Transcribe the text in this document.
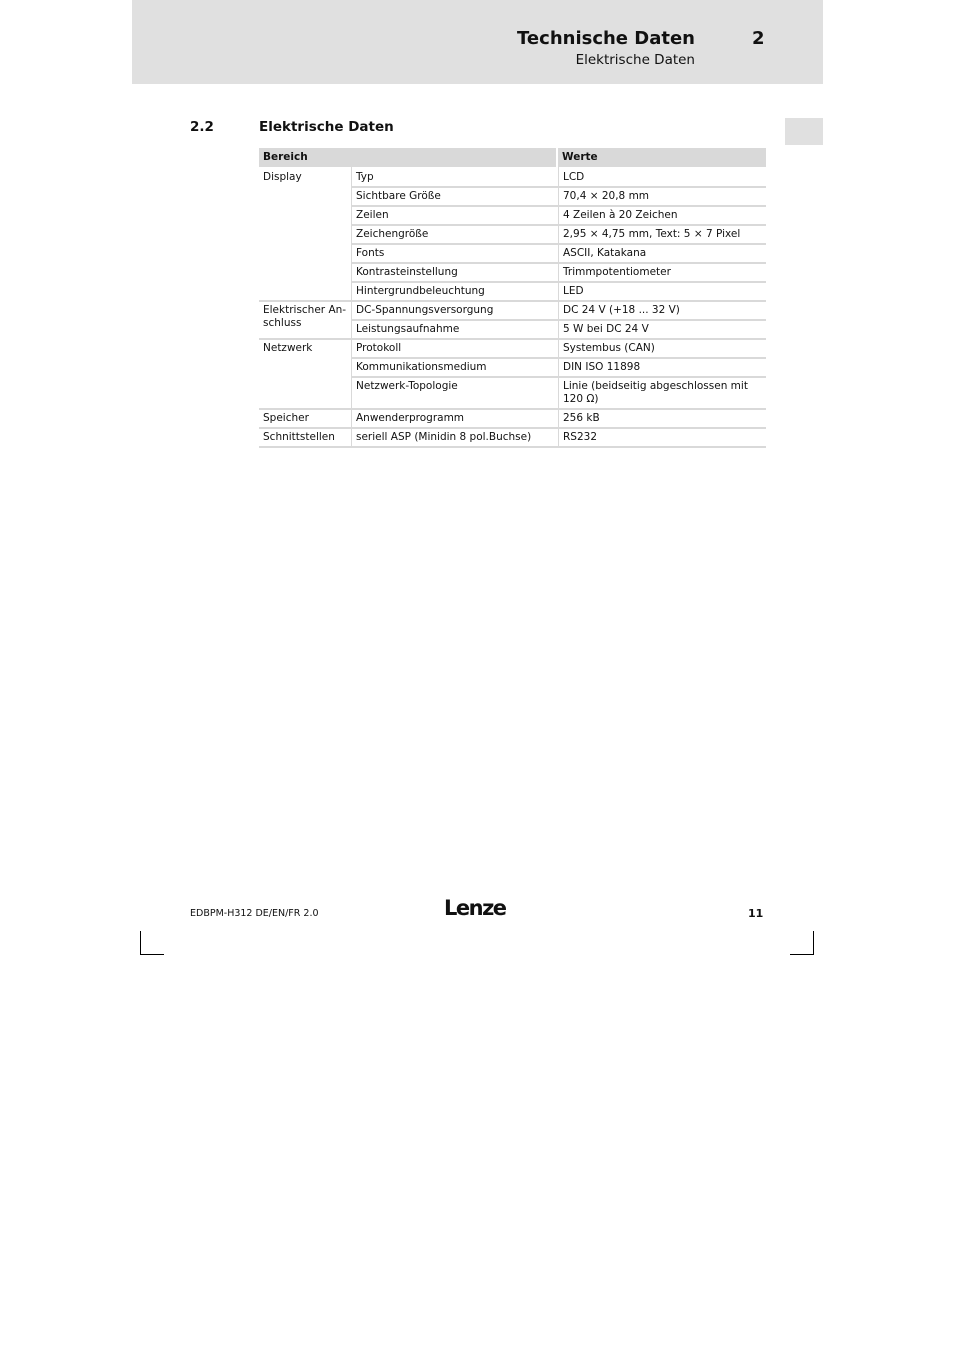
Technische Daten	2
Elektrische Daten
2.2	Elektrische Daten
Bereich		Werte
Display	Typ	LCD
	Sichtbare Größe	70,4 × 20,8 mm
	Zeilen	4 Zeilen à 20 Zeichen
	Zeichengröße	2,95 × 4,75 mm, Text: 5 × 7 Pixel
	Fonts	ASCII, Katakana
	Kontrasteinstellung	Trimmpotentiometer
	Hintergrundbeleuchtung	LED
Elektrischer An-
schluss	DC-Spannungsversorgung	DC 24 V (+18 ... 32 V)
	Leistungsaufnahme	5 W bei DC 24 V
Netzwerk	Protokoll	Systembus (CAN)
	Kommunikationsmedium	DIN ISO 11898
	Netzwerk-Topologie	Linie (beidseitig abgeschlossen mit
120 Ω)
Speicher	Anwenderprogramm	256 kB
Schnittstellen	seriell ASP (Minidin 8 pol.Buchse)	RS232
EDBPM-H312 DE/EN/FR 2.0	Lenze	11
